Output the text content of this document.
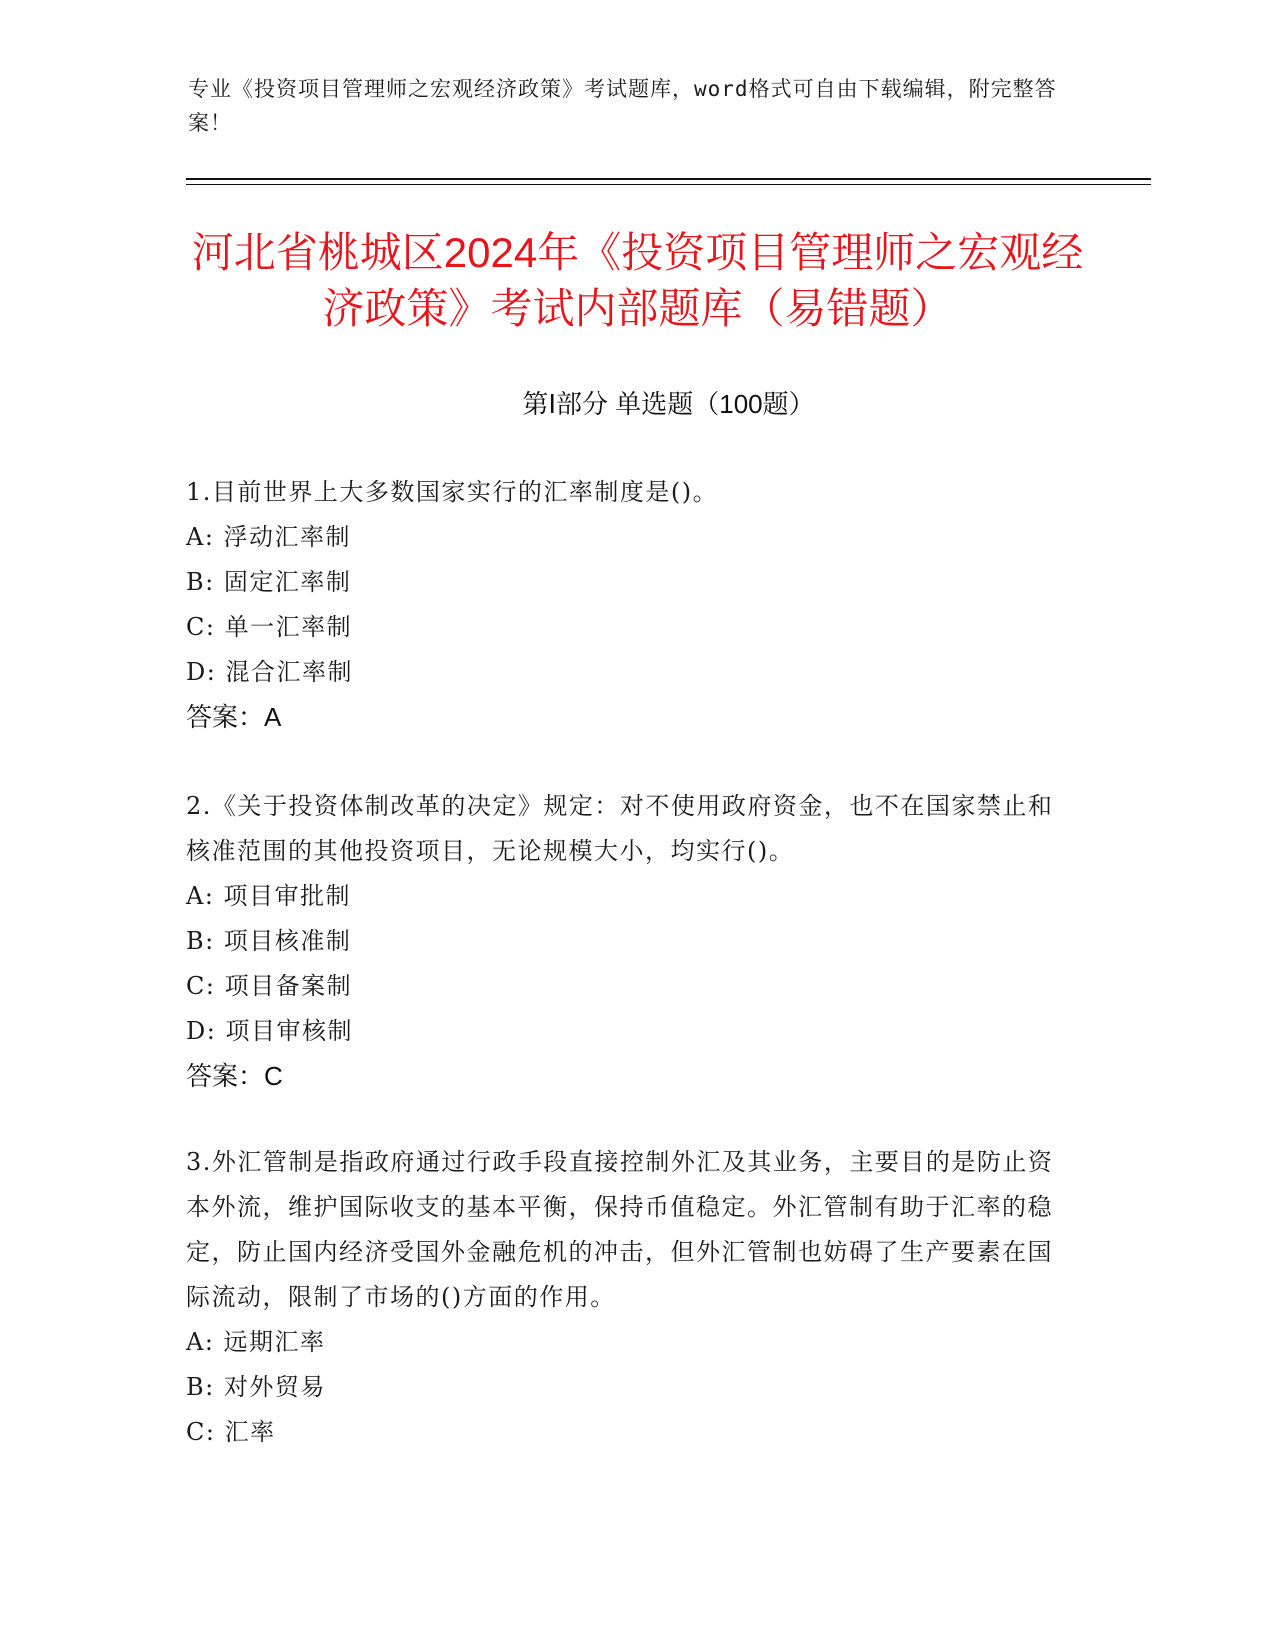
专业《投资项目管理师之宏观经济政策》考试题库，word格式可自由下载编辑，附完整答案！
河北省桃城区2024年《投资项目管理师之宏观经济政策》考试内部题库（易错题）
第Ⅰ部分 单选题（100题）
1.目前世界上大多数国家实行的汇率制度是()。
A: 浮动汇率制
B: 固定汇率制
C: 单一汇率制
D: 混合汇率制
答案：A
2.《关于投资体制改革的决定》规定：对不使用政府资金，也不在国家禁止和核准范围的其他投资项目，无论规模大小，均实行()。
A: 项目审批制
B: 项目核准制
C: 项目备案制
D: 项目审核制
答案：C
3.外汇管制是指政府通过行政手段直接控制外汇及其业务，主要目的是防止资本外流，维护国际收支的基本平衡，保持币值稳定。外汇管制有助于汇率的稳定，防止国内经济受国外金融危机的冲击，但外汇管制也妨碍了生产要素在国际流动，限制了市场的()方面的作用。
A: 远期汇率
B: 对外贸易
C: 汇率
